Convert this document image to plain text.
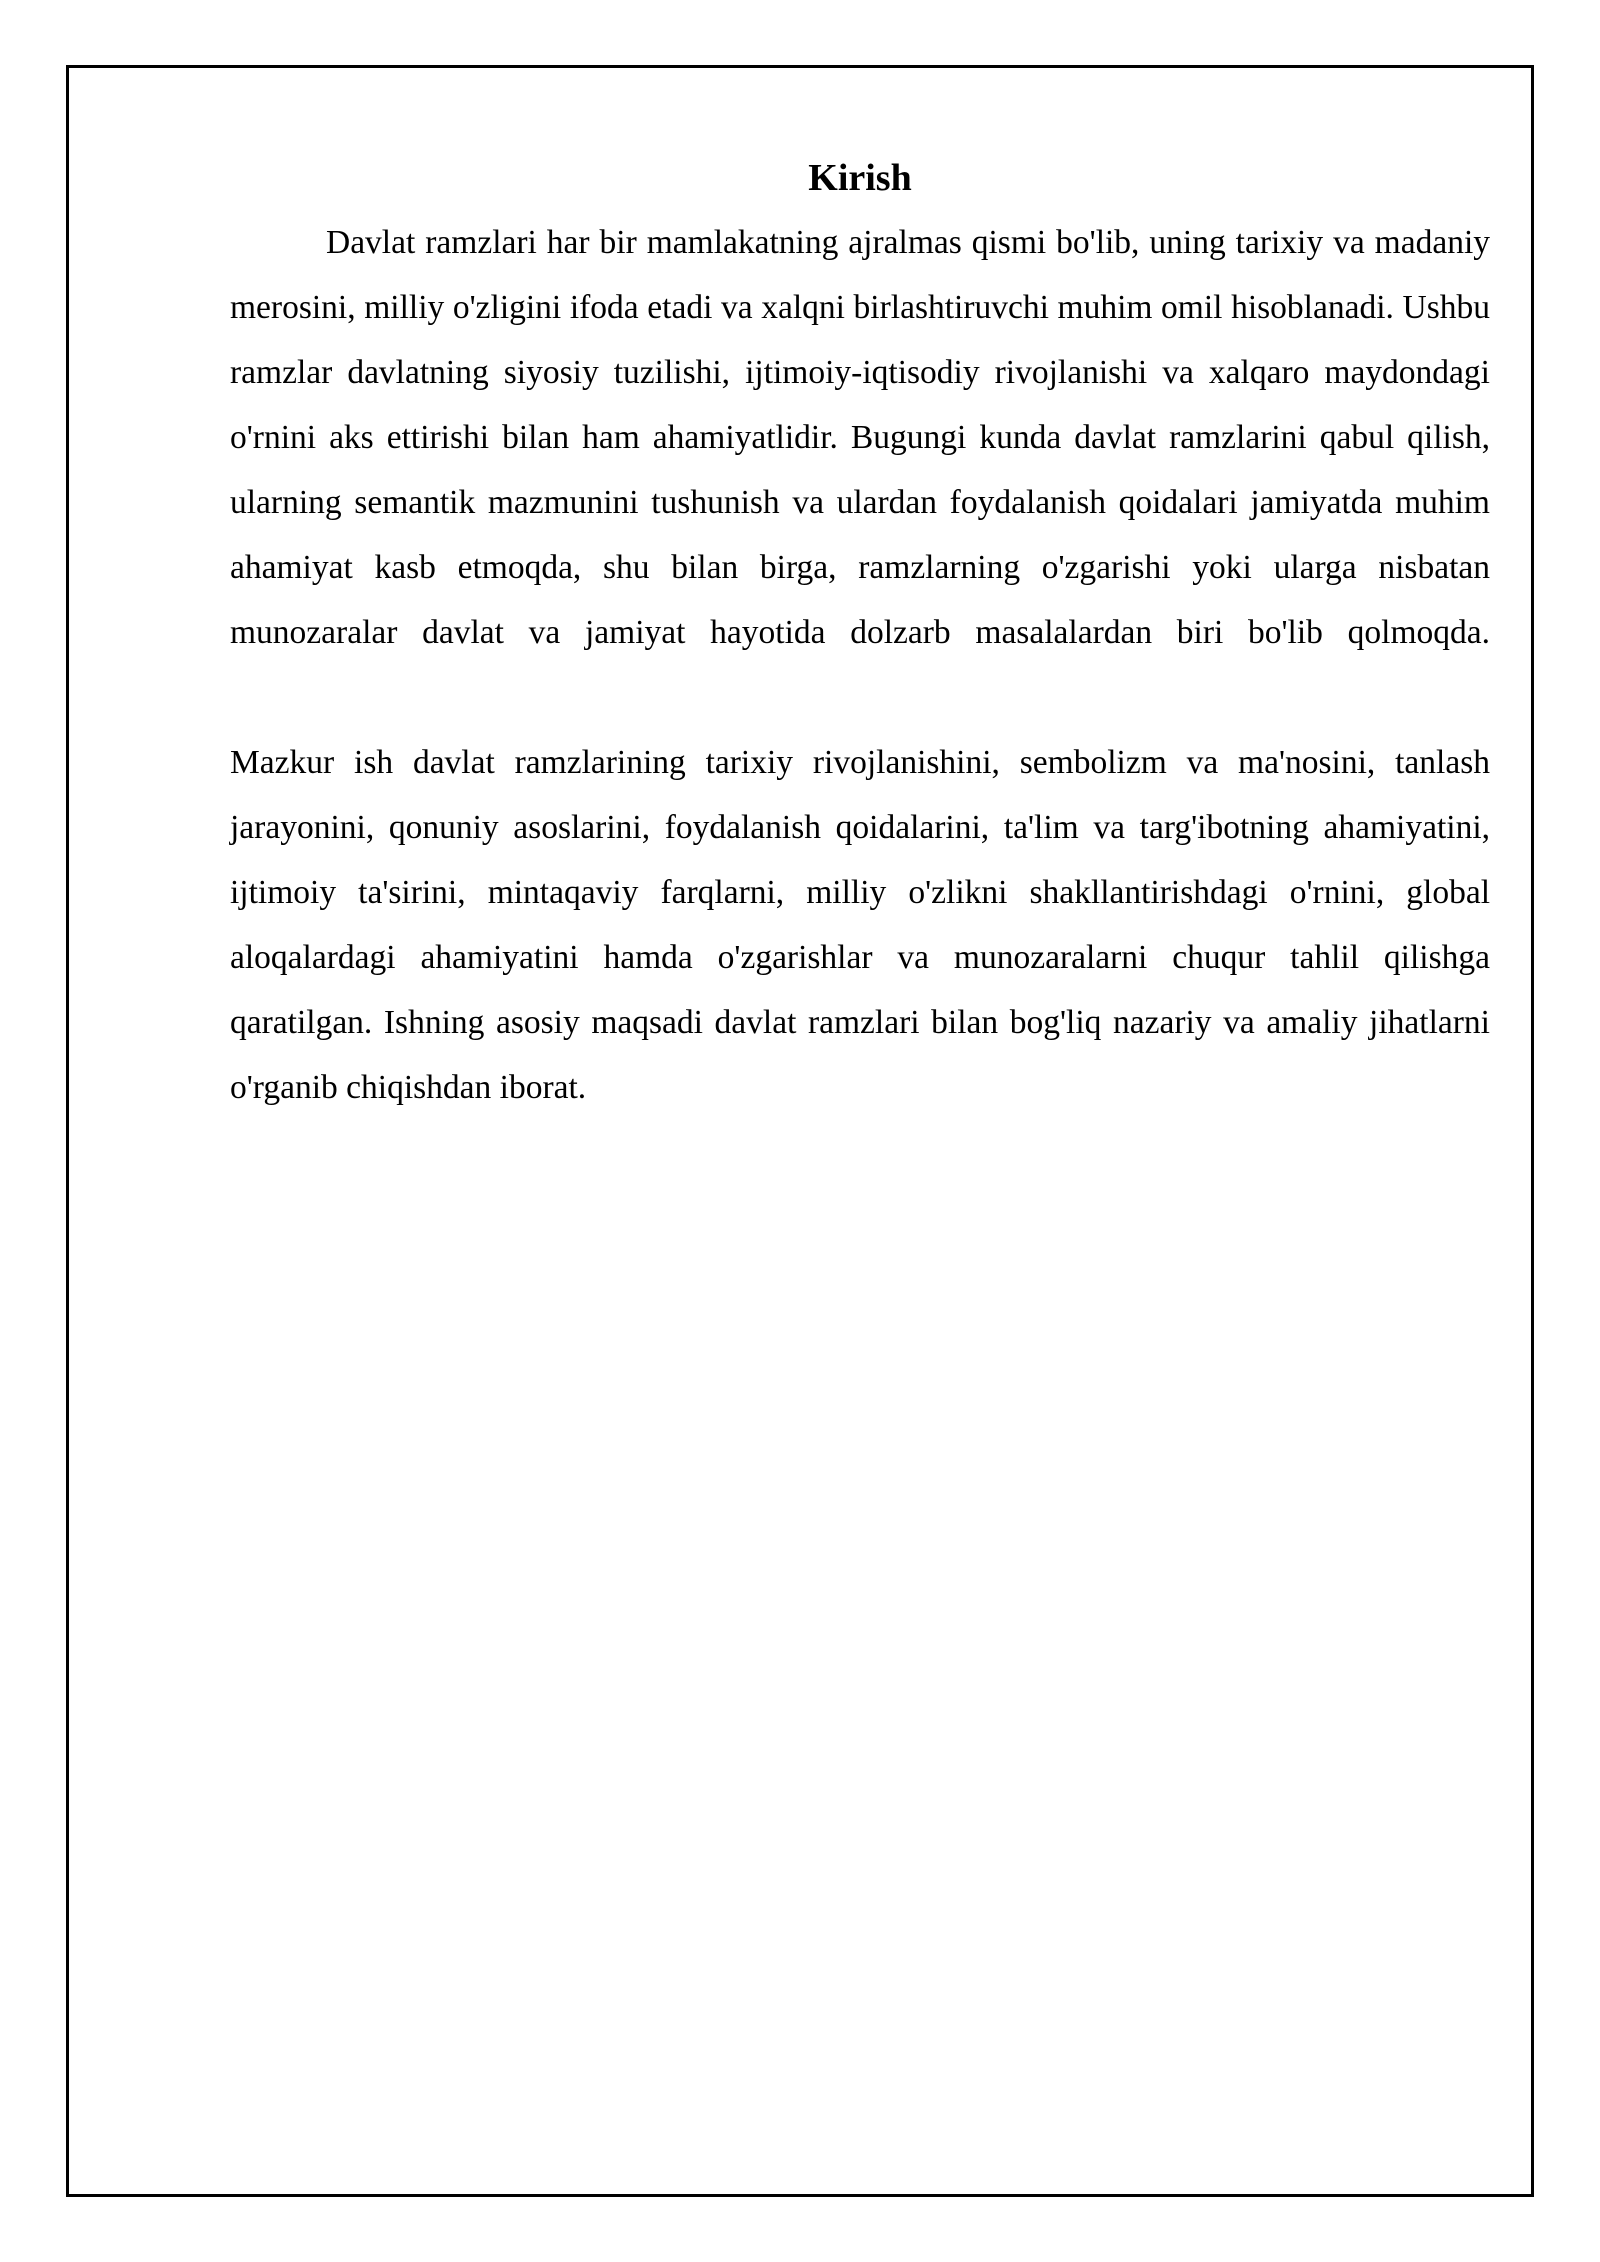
Kirish

Davlat ramzlari har bir mamlakatning ajralmas qismi bo'lib, uning tarixiy va madaniy merosini, milliy o'zligini ifoda etadi va xalqni birlashtiruvchi muhim omil hisoblanadi. Ushbu ramzlar davlatning siyosiy tuzilishi, ijtimoiy-iqtisodiy rivojlanishi va xalqaro maydondagi o'rnini aks ettirishi bilan ham ahamiyatlidir. Bugungi kunda davlat ramzlarini qabul qilish, ularning semantik mazmunini tushunish va ulardan foydalanish qoidalari jamiyatda muhim ahamiyat kasb etmoqda, shu bilan birga, ramzlarning o'zgarishi yoki ularga nisbatan munozaralar davlat va jamiyat hayotida dolzarb masalalardan biri bo'lib qolmoqda.

Mazkur ish davlat ramzlarining tarixiy rivojlanishini, sembolizm va ma'nosini, tanlash jarayonini, qonuniy asoslarini, foydalanish qoidalarini, ta'lim va targ'ibotning ahamiyatini, ijtimoiy ta'sirini, mintaqaviy farqlarni, milliy o'zlikni shakllantirishdagi o'rnini, global aloqalardagi ahamiyatini hamda o'zgarishlar va munozaralarni chuqur tahlil qilishga qaratilgan. Ishning asosiy maqsadi davlat ramzlari bilan bog'liq nazariy va amaliy jihatlarni o'rganib chiqishdan iborat.
